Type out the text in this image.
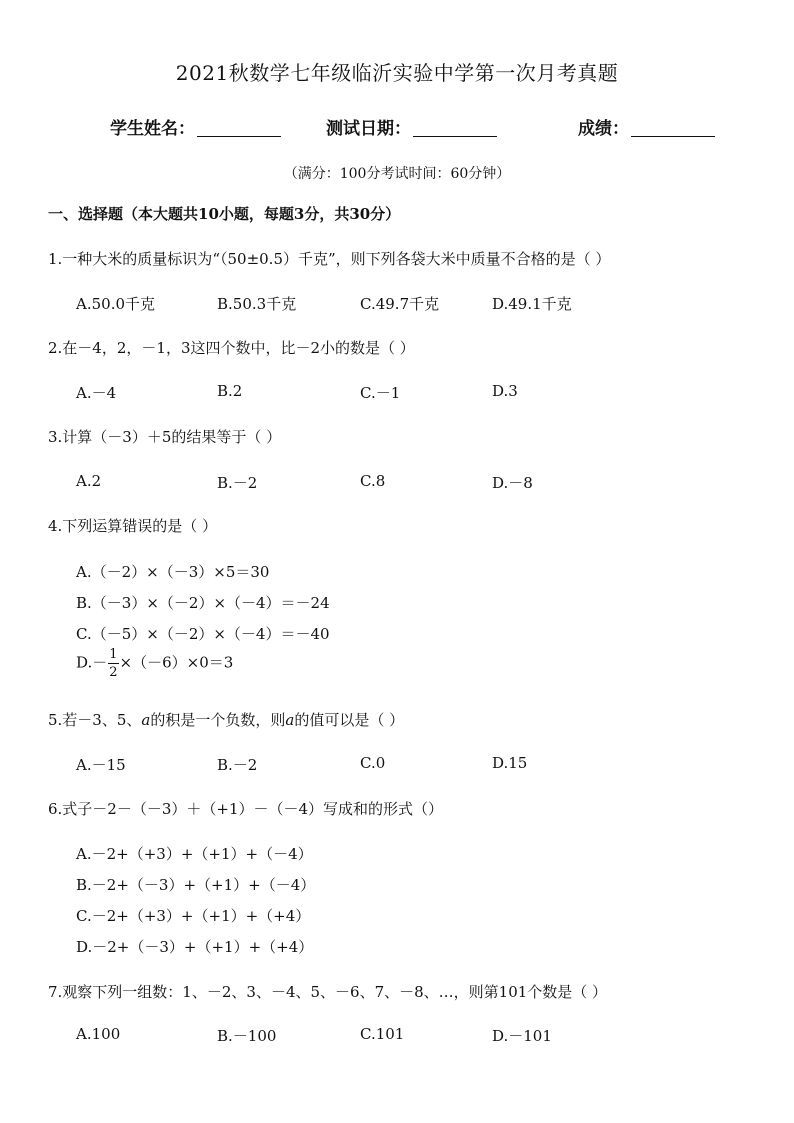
2021秋数学七年级临沂实验中学第一次月考真题
学生姓名：	测试日期：	成绩：
（满分：100分考试时间：60分钟）
一、选择题（本大题共10小题，每题3分，共30分）
1.一种大米的质量标识为“（50±0.5）千克”，则下列各袋大米中质量不合格的是（ ）
A.50.0千克	B.50.3千克	C.49.7千克	D.49.1千克
2.在－4，2，－1，3这四个数中，比－2小的数是（ ）
A.－4	B.2	C.－1	D.3
3.计算（－3）＋5的结果等于（ ）
A.2	B.－2	C.8	D.－8
4.下列运算错误的是（ ）
A.（－2）×（－3）×5＝30
B.（－3）×（－2）×（－4）＝－24
C.（－5）×（－2）×（－4）＝－40
$D.- \frac{1}{2} \times(-6)\times 0=3$
5.若－3、5、a的积是一个负数，则a的值可以是（ ）
A.－15	B.－2	C.0	D.15
6.式子－2－（－3）＋（+1）－（－4）写成和的形式（）
A.－2+（+3）+（+1）+（－4）
B.－2+（－3）+（+1）+（－4）
C.－2+（+3）+（+1）+（+4）
D.－2+（－3）+（+1）+（+4）
7.观察下列一组数：1、－2、3、－4、5、－6、7、－8、…，则第101个数是（ ）
A.100	B.－100	C.101	D.－101
